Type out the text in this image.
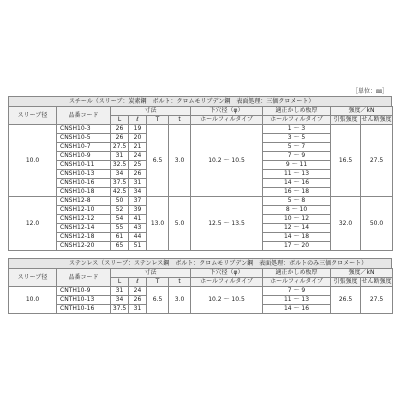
［単位：㎜］
スチール（スリーブ：炭素鋼　ボルト：クロムモリブデン鋼　表面処理：三価クロメート）
スリーブ径	品番コード	寸法				下穴径（φ）	適正かしめ板厚	強度／kN	
		L	ℓ	T	t	ホールフィルタイプ	ホールフィルタイプ	引張強度	せん断強度

10.0	CNSH10-3	26	19	6.5	3.0	10.2 〜 10.5	1 〜 3	16.5	27.5
	CNSH10-5	26	20				3 〜 5		
	CNSH10-7	27.5	21				5 〜 7		
	CNSH10-9	31	24				7 〜 9		
	CNSH10-11	32.5	25				9 〜 11		
	CNSH10-13	34	26				11 〜 13		
	CNSH10-16	37.5	31				14 〜 16		
	CNSH10-18	42.5	34				16 〜 18		
12.0	CNSH12-8	50	37	13.0	5.0	12.5 〜 13.5	5 〜 8	32.0	50.0
	CNSH12-10	52	39				8 〜 10		
	CNSH12-12	54	41				10 〜 12		
	CNSH12-14	55	43				12 〜 14		
	CNSH12-18	61	44				14 〜 18		
	CNSH12-20	65	51				17 〜 20		
ステンレス（スリーブ：ステンレス鋼　ボルト：クロムモリブデン鋼　表面処理：ボルトのみ三価クロメート）
スリーブ径	品番コード	寸法				下穴径（φ）	適正かしめ板厚	強度／kN	
		L	ℓ	T	t	ホールフィルタイプ	ホールフィルタイプ	引張強度	せん断強度

10.0	CNTH10-9	31	24	6.5	3.0	10.2 〜 10.5	7 〜 9	26.5	27.5
	CNTH10-13	34	26				11 〜 13		
	CNTH10-16	37.5	31				14 〜 16		
